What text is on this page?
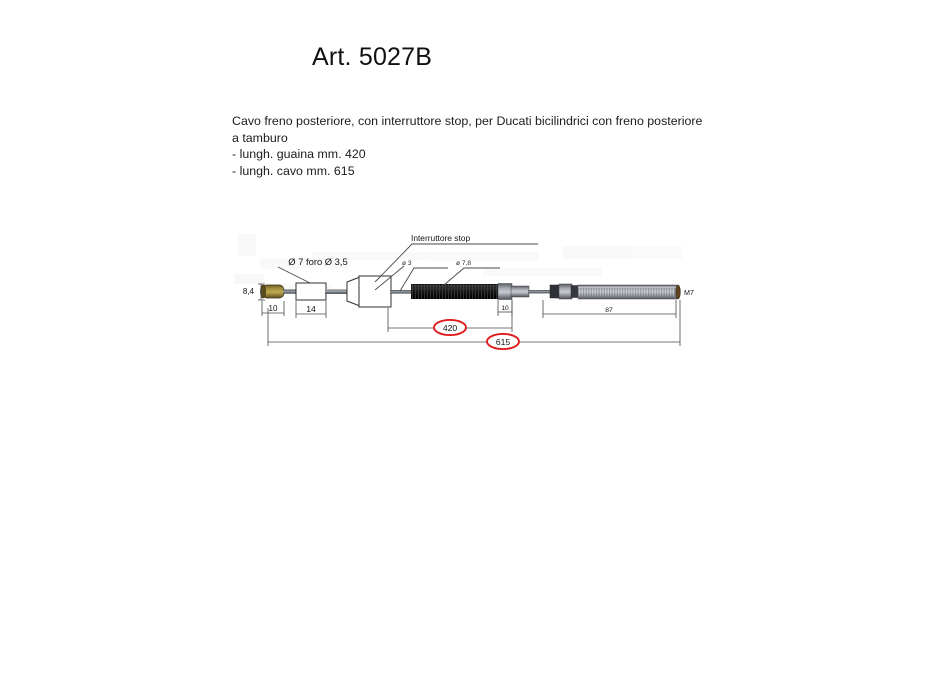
Art. 5027B
Cavo freno posteriore, con interruttore stop, per Ducati bicilindrici con freno posteriore
a tamburo
- lungh. guaina mm. 420
- lungh. cavo mm. 615
Interruttore stop
Ø 7 foro Ø 3,5	ø 3	ø 7,8
8,4
10	14	10	87
M7
420
615
